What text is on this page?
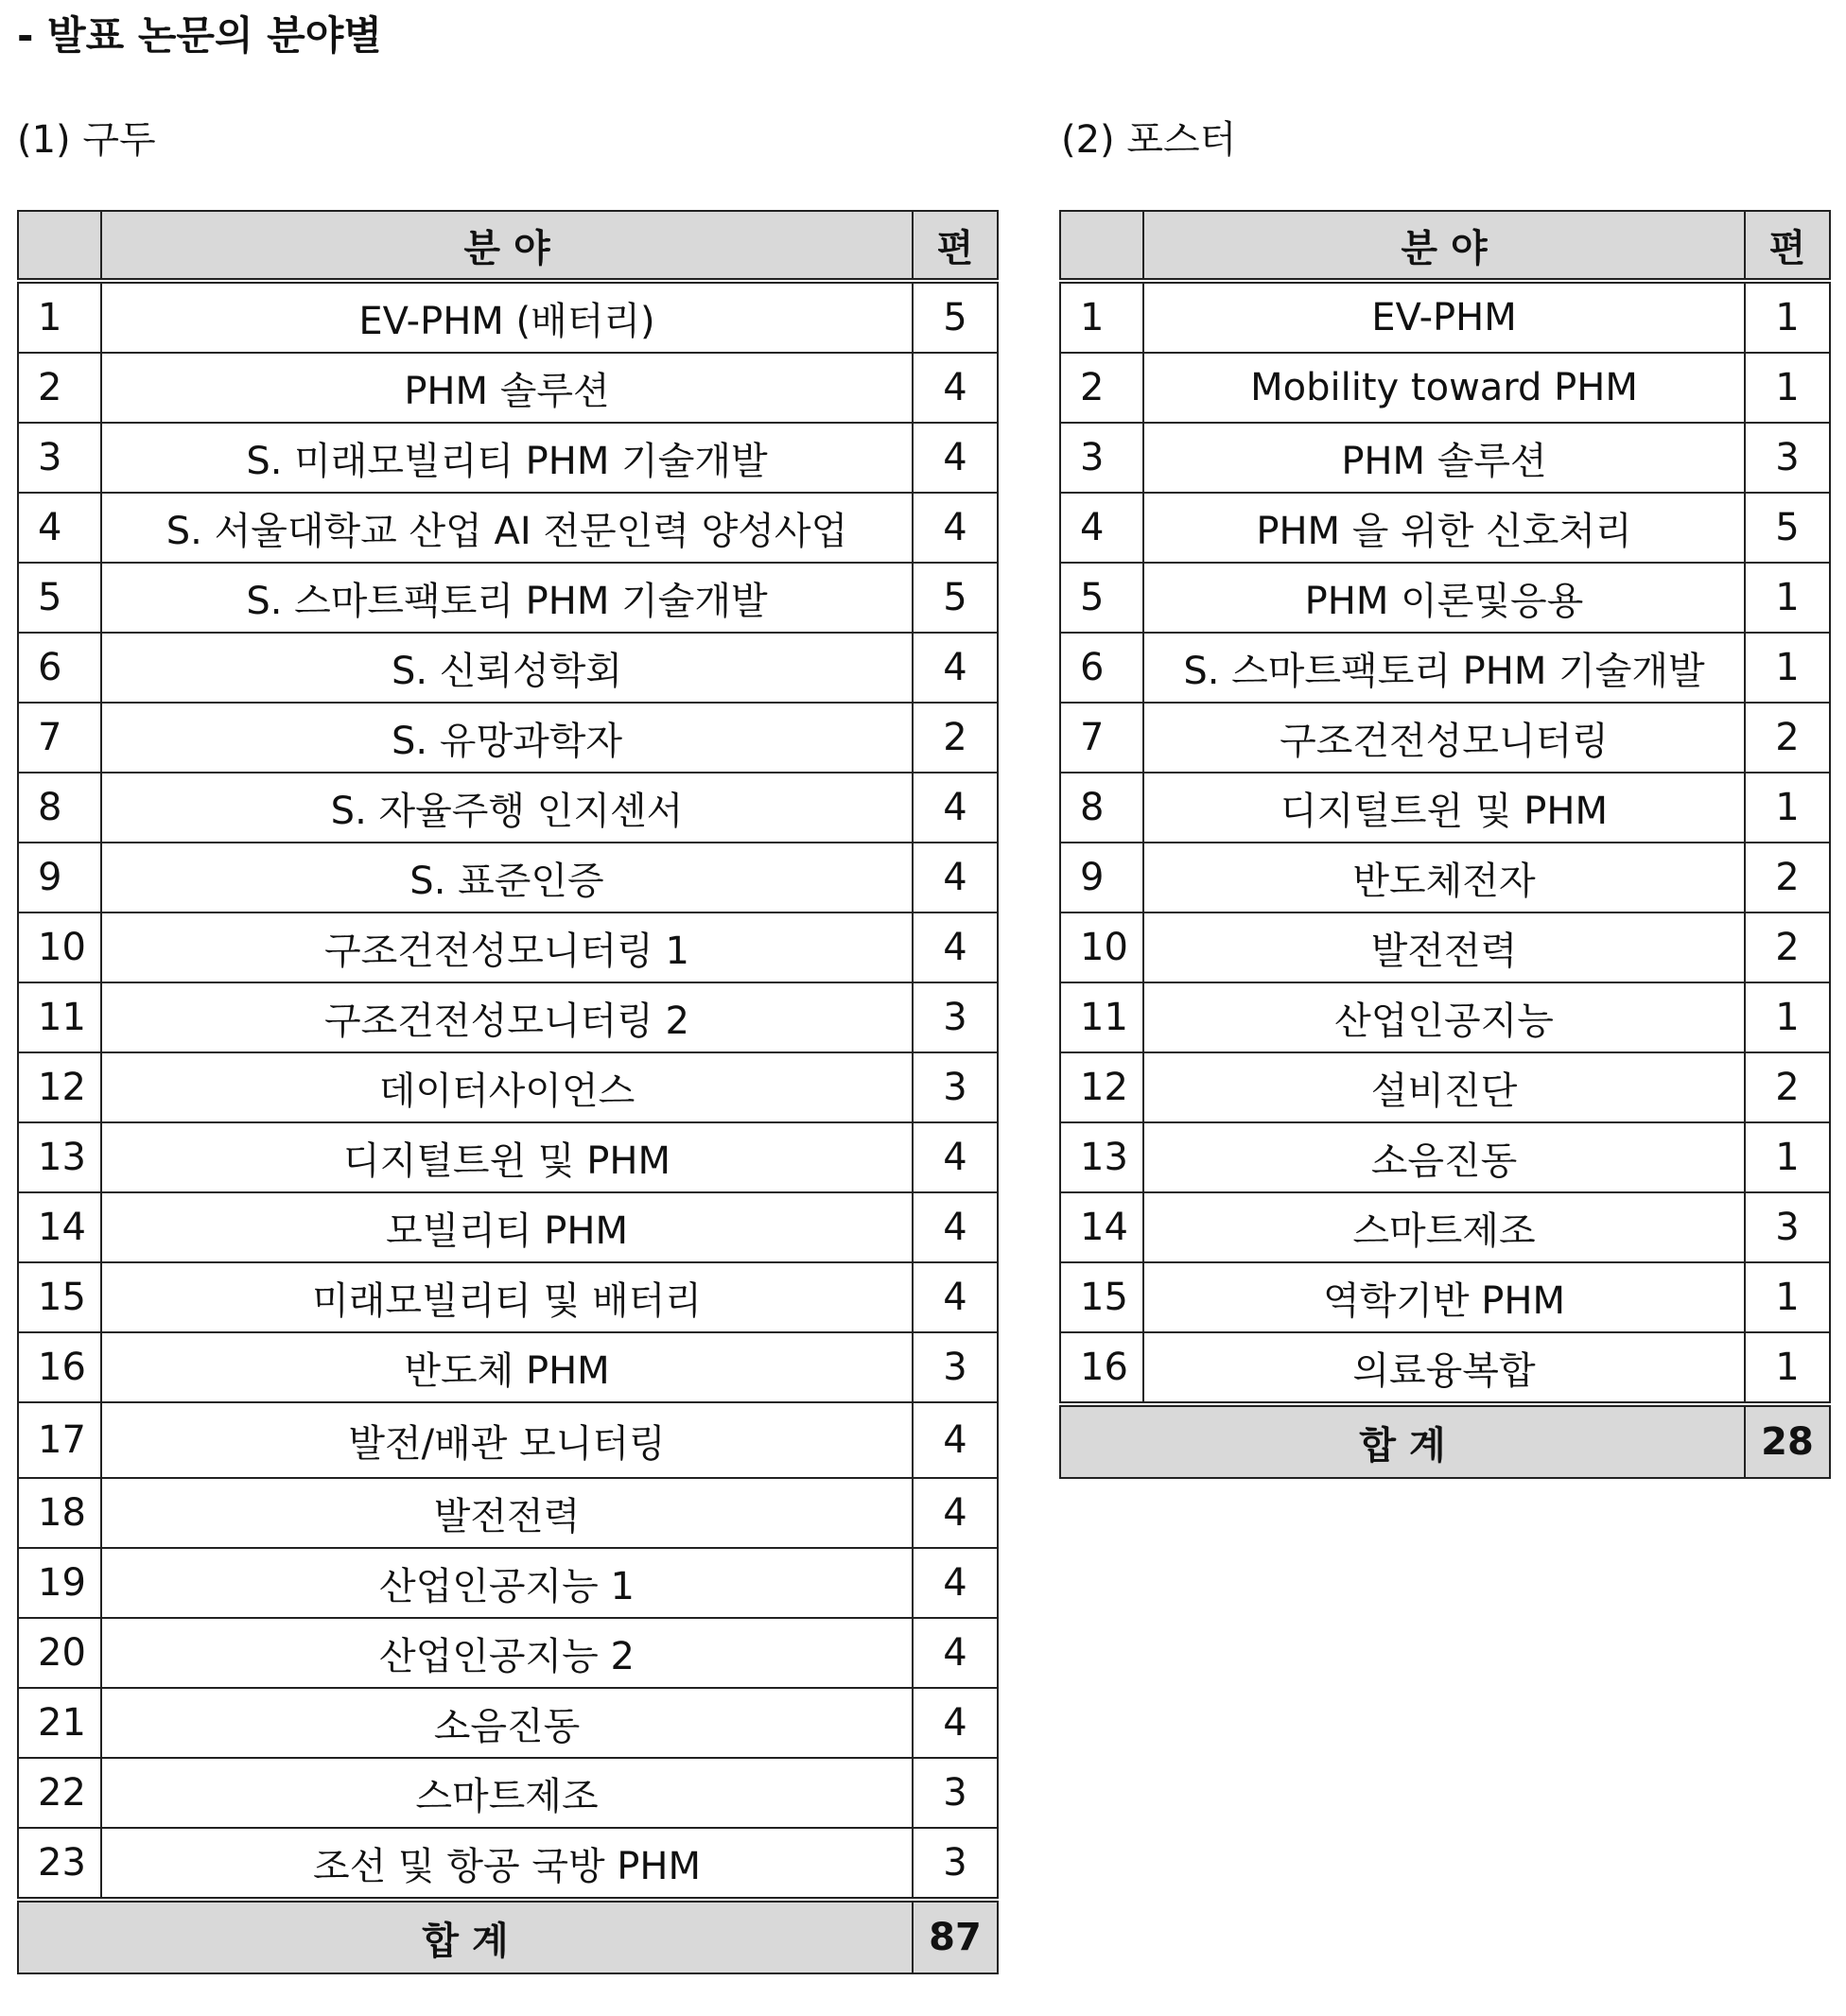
- 발표 논문의 분야별
(1) 구두	(2) 포스터
	분 야	편
1	EV-PHM (배터리)	5
2	PHM 솔루션	4
3	S. 미래모빌리티 PHM 기술개발	4
4	S. 서울대학교 산업 AI 전문인력 양성사업	4
5	S. 스마트팩토리 PHM 기술개발	5
6	S. 신뢰성학회	4
7	S. 유망과학자	2
8	S. 자율주행 인지센서	4
9	S. 표준인증	4
10	구조건전성모니터링 1	4
11	구조건전성모니터링 2	3
12	데이터사이언스	3
13	디지털트윈 및 PHM	4
14	모빌리티 PHM	4
15	미래모빌리티 및 배터리	4
16	반도체 PHM	3
17	발전/배관 모니터링	4
18	발전전력	4
19	산업인공지능 1	4
20	산업인공지능 2	4
21	소음진동	4
22	스마트제조	3
23	조선 및 항공 국방 PHM	3
합 계		87
	분 야	편
1	EV-PHM	1
2	Mobility toward PHM	1
3	PHM 솔루션	3
4	PHM 을 위한 신호처리	5
5	PHM 이론및응용	1
6	S. 스마트팩토리 PHM 기술개발	1
7	구조건전성모니터링	2
8	디지털트윈 및 PHM	1
9	반도체전자	2
10	발전전력	2
11	산업인공지능	1
12	설비진단	2
13	소음진동	1
14	스마트제조	3
15	역학기반 PHM	1
16	의료융복합	1
합 계		28
